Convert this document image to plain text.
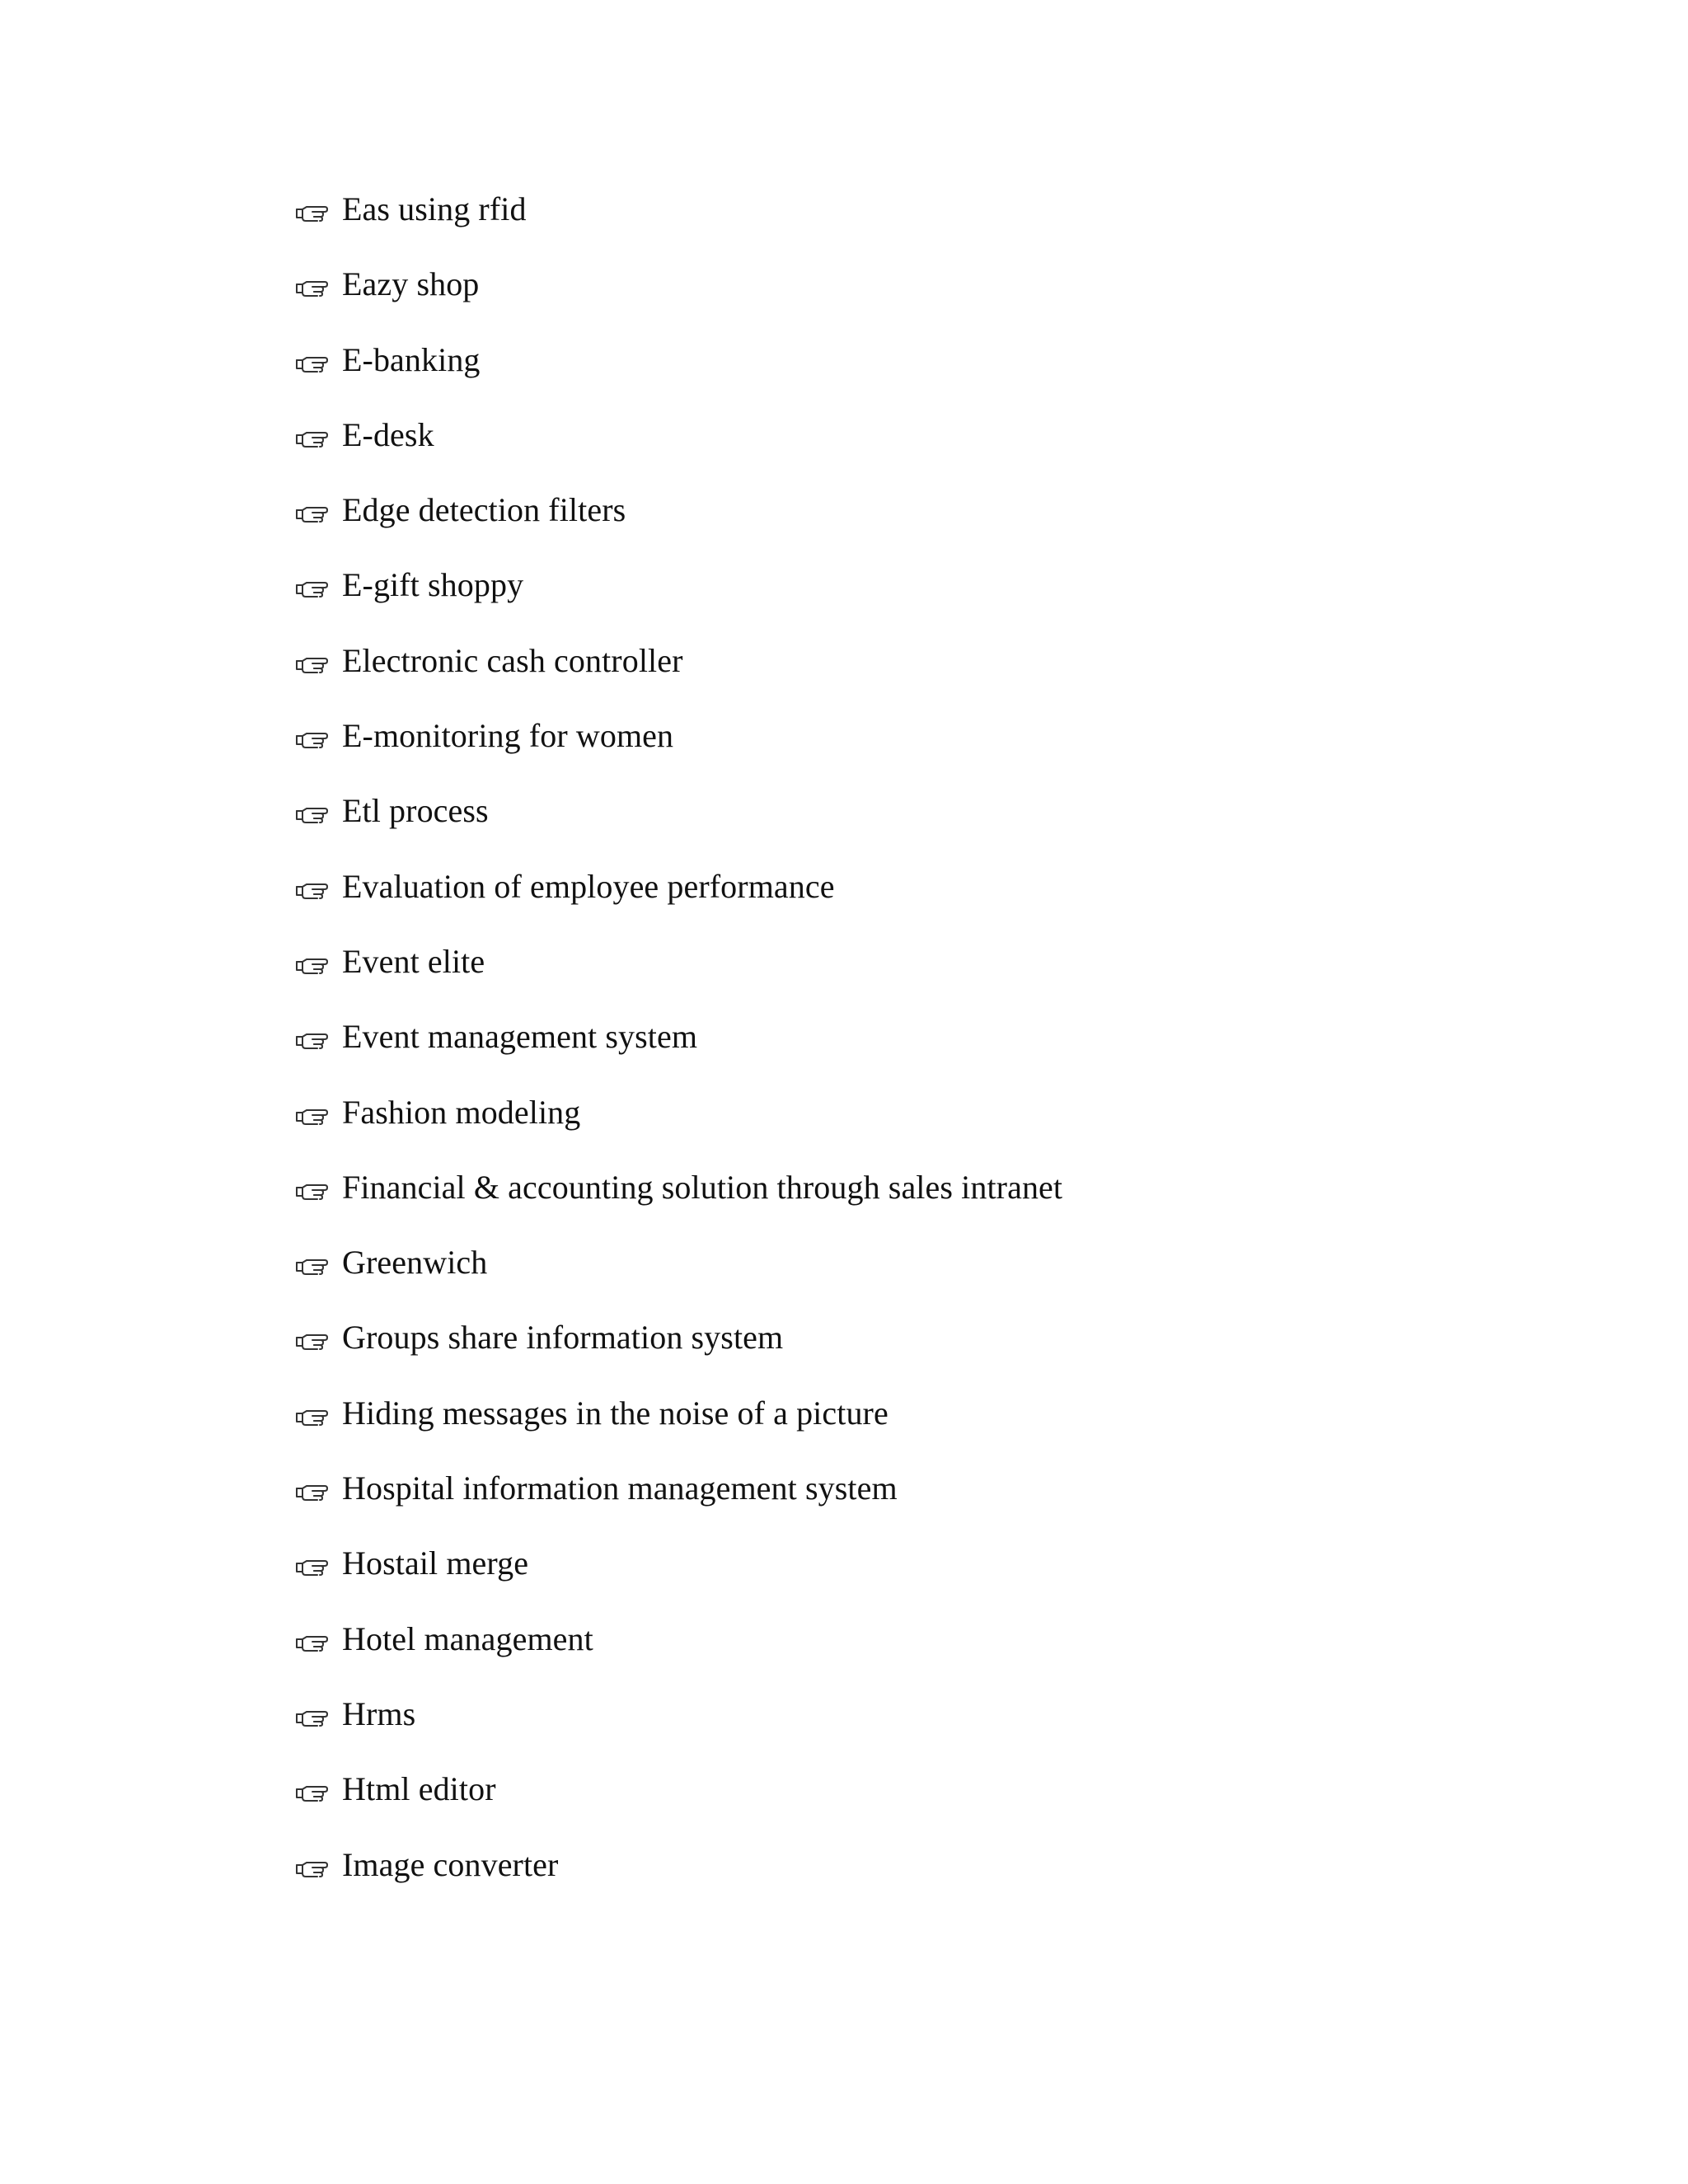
Eas using rfid
Eazy shop
E-banking
E-desk
Edge detection filters
E-gift shoppy
Electronic cash controller
E-monitoring for women
Etl process
Evaluation of employee performance
Event elite
Event management system
Fashion modeling
Financial & accounting solution through sales intranet
Greenwich
Groups share information system
Hiding messages in the noise of a picture
Hospital information management system
Hostail merge
Hotel management
Hrms
Html editor
Image converter
